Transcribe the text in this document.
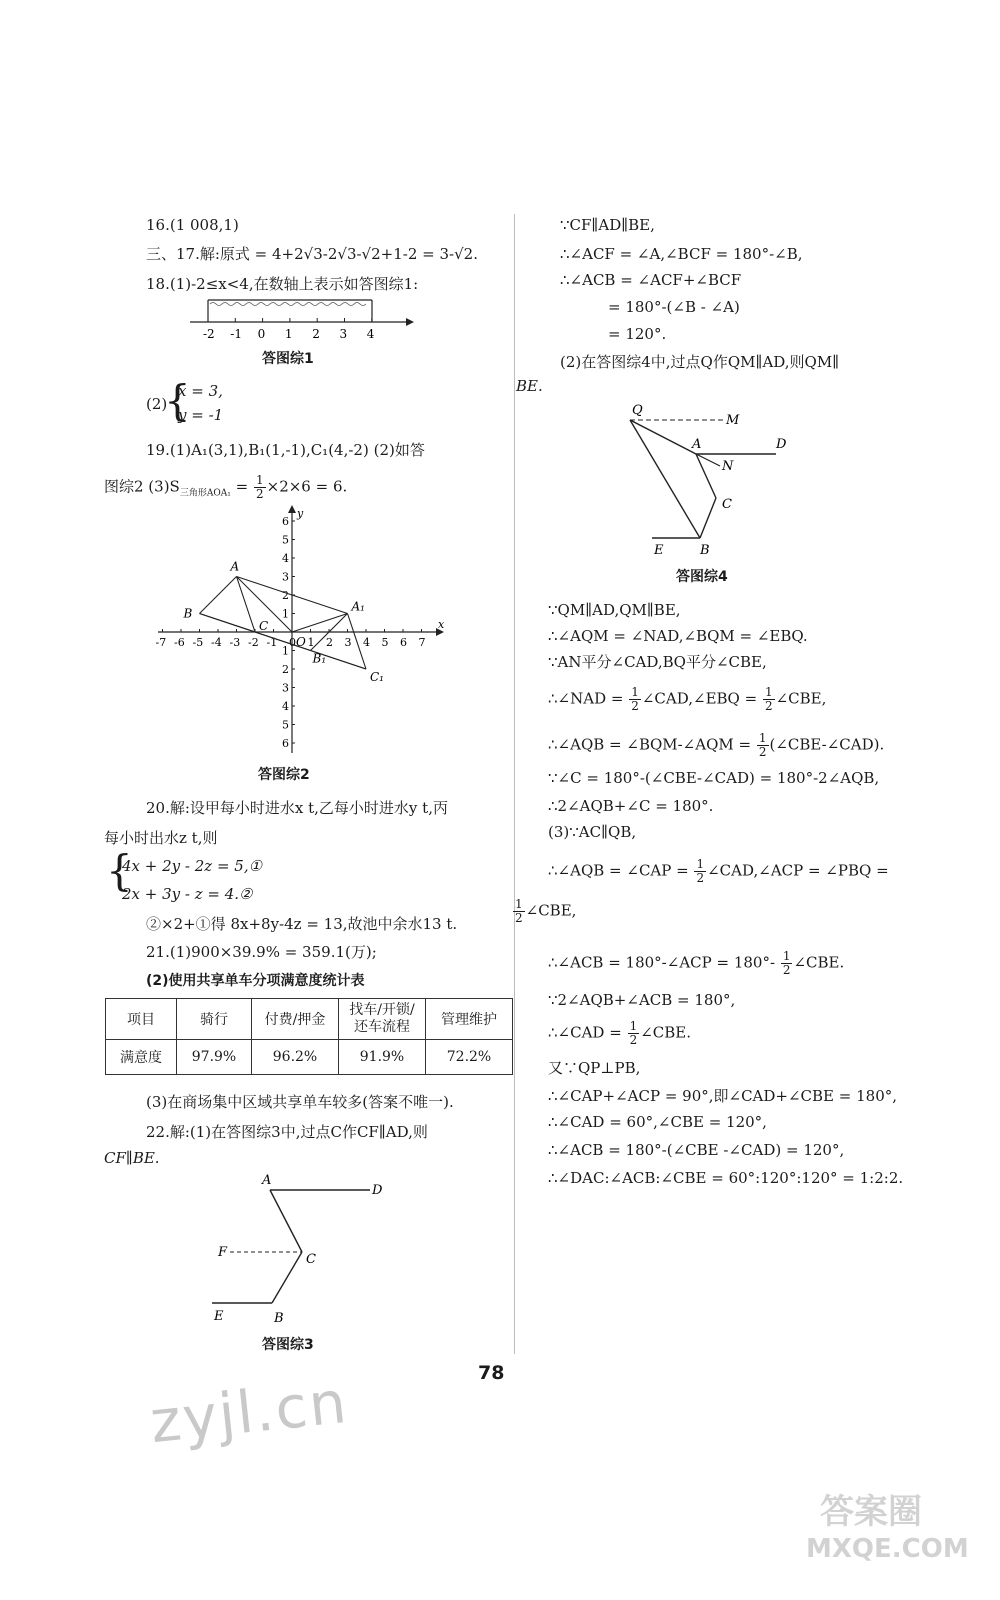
16.(1 008,1)
三、17.解:原式 = 4+2√3-2√3-√2+1-2 = 3-√2.
18.(1)-2≤x<4,在数轴上表示如答图综1:
-2 -1 0 1 2 3 4
答图综1
(2)
{
x = 3,
y = -1
19.(1)A₁(3,1),B₁(1,-1),C₁(4,-2) (2)如答
图综2 $(3)S_{三角形AOA_1} = \frac{1}{2} \times 2\times 6 = 6$.
x
y
-7 -6 -5 -4 -3 -2 -1 0 1 2 3 4 5 6 7
6
5
4
3
2
1
1
2
3
4
5
6
A
B
C
A₁
B₁
C₁
O
答图综2
20.解:设甲每小时进水x t,乙每小时进水y t,丙
每小时出水z t,则
{
4x + 2y - 2z = 5,①
2x + 3y - z = 4.②
②×2+①得 8x+8y-4z = 13,故池中余水13 t.
21.(1)900×39.9% = 359.1(万);
(2)使用共享单车分项满意度统计表
项目	骑行	付费/押金	找车/开锁/还车流程	管理维护
满意度	97.9%	96.2%	91.9%	72.2%
(3)在商场集中区域共享单车较多(答案不唯一).
22.解:(1)在答图综3中,过点C作CF∥AD,则
CF∥BE.
A
D
F	C
E	B
答图综3
∵CF∥AD∥BE,
∴∠ACF = ∠A,∠BCF = 180°-∠B,
∴∠ACB = ∠ACF+∠BCF
= 180°-(∠B - ∠A)
= 120°.
(2)在答图综4中,过点Q作QM∥AD,则QM∥
BE.
Q
M
A	D
N
C
E	B
答图综4
∵QM∥AD,QM∥BE,
∴∠AQM = ∠NAD,∠BQM = ∠EBQ.
∵AN平分∠CAD,BQ平分∠CBE,
∴∠NAD = $\frac{1}{2}$ ∠CAD,∠EBQ = $\frac{1}{2}$ ∠CBE,
∴∠AQB = ∠BQM-∠AQM = $\frac{1}{2}$ (∠CBE-∠CAD).
∵∠C = 180°-(∠CBE-∠CAD) = 180°-2∠AQB,
∴2∠AQB+∠C = 180°.
(3)∵AC∥QB,
∴∠AQB = ∠CAP = $\frac{1}{2}$ ∠CAD,∠ACP = ∠PBQ =
$\frac{1}{2}$ ∠CBE,
∴∠ACB = 180°-∠ACP = $180^\circ- \frac{1}{2}$ ∠CBE.
∵2∠AQB+∠ACB = 180°,
∴∠CAD = $\frac{1}{2}$ ∠CBE.
又∵QP⊥PB,
∴∠CAP+∠ACP = 90°,即∠CAD+∠CBE = 180°,
∴∠CAD = 60°,∠CBE = 120°,
∴∠ACB = 180°-(∠CBE -∠CAD) = 120°,
∴∠DAC:∠ACB:∠CBE = 60°:120°:120° = 1:2:2.
78
zyjl.cn
答案圈
MXQE.COM
